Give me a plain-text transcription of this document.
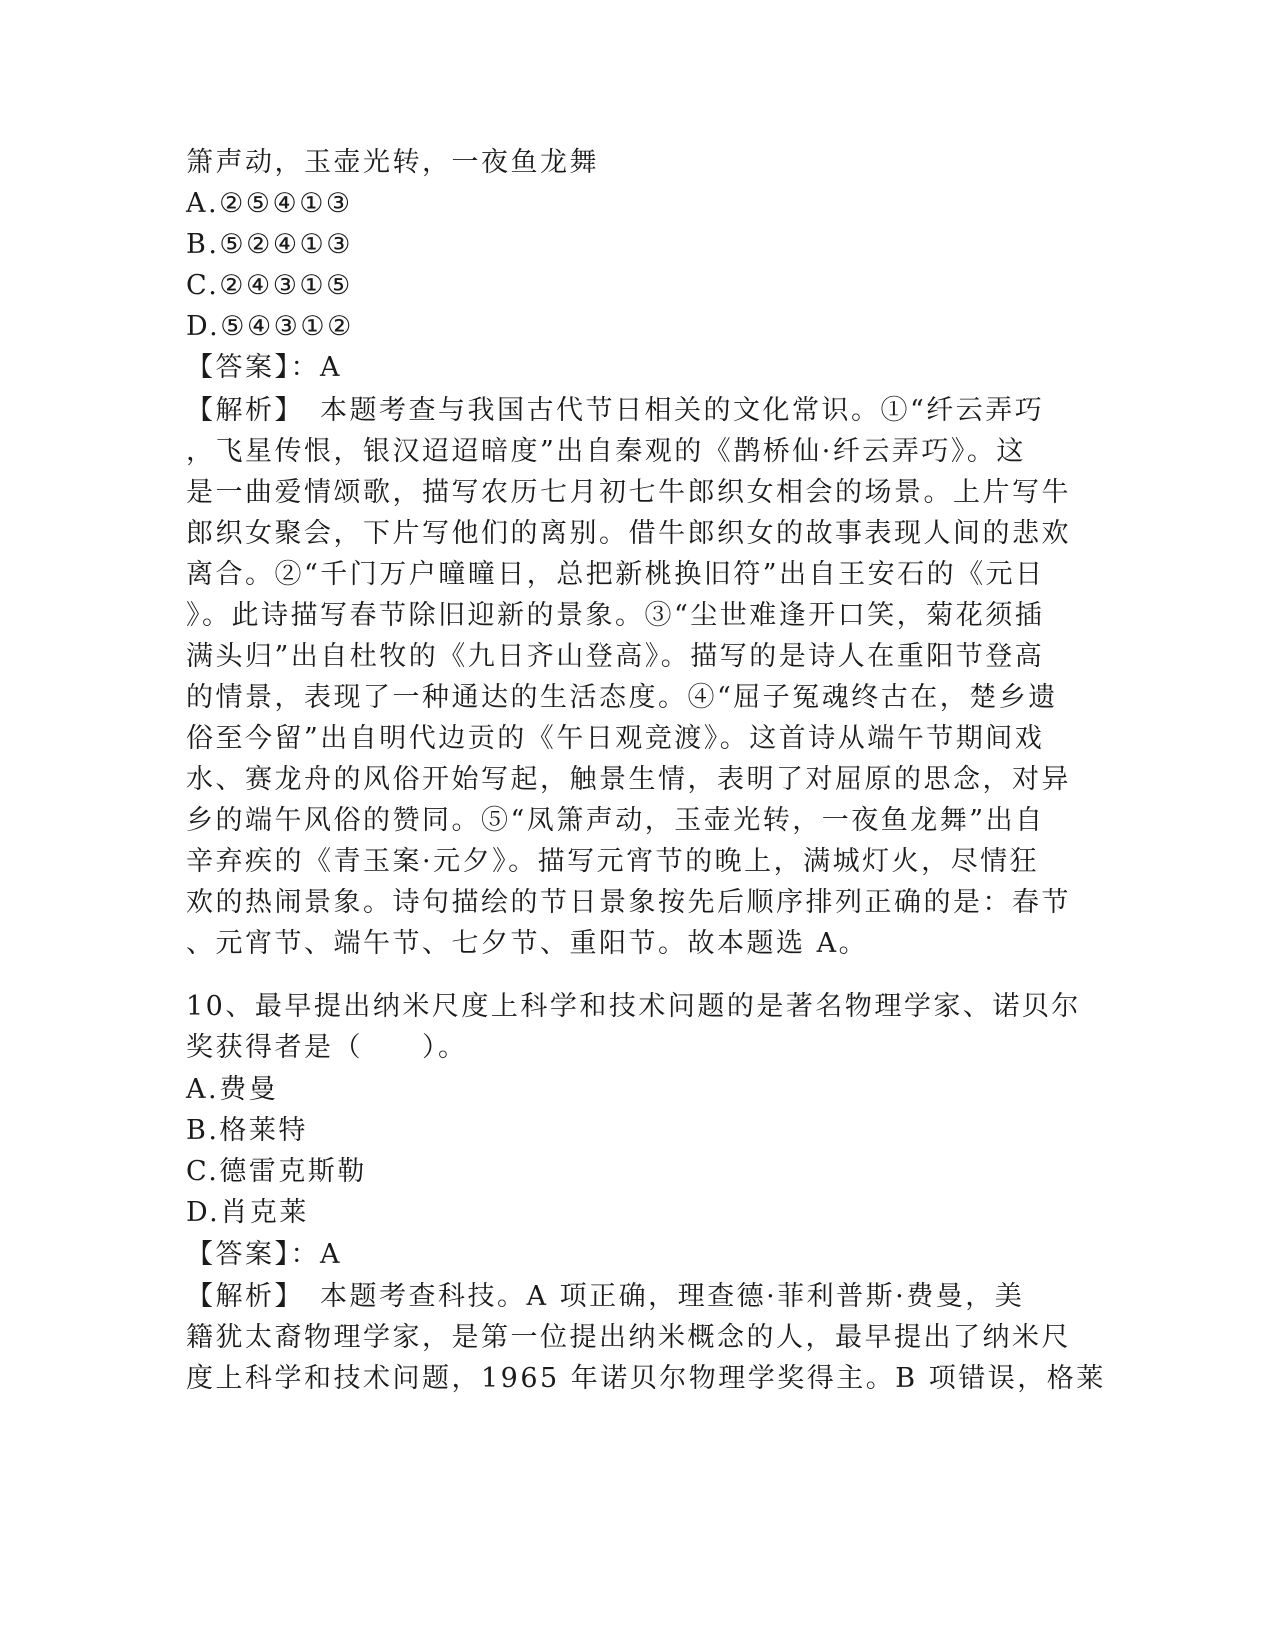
箫声动，玉壶光转，一夜鱼龙舞
A.②⑤④①③
B.⑤②④①③
C.②④③①⑤
D.⑤④③①②
【答案】：A
【解析】　本题考查与我国古代节日相关的文化常识。①“纤云弄巧
，飞星传恨，银汉迢迢暗度”出自秦观的《鹊桥仙·纤云弄巧》。这
是一曲爱情颂歌，描写农历七月初七牛郎织女相会的场景。上片写牛
郎织女聚会，下片写他们的离别。借牛郎织女的故事表现人间的悲欢
离合。②“千门万户曈曈日，总把新桃换旧符”出自王安石的《元日
》。此诗描写春节除旧迎新的景象。③“尘世难逢开口笑，菊花须插
满头归”出自杜牧的《九日齐山登高》。描写的是诗人在重阳节登高
的情景，表现了一种通达的生活态度。④“屈子冤魂终古在，楚乡遗
俗至今留”出自明代边贡的《午日观竞渡》。这首诗从端午节期间戏
水、赛龙舟的风俗开始写起，触景生情，表明了对屈原的思念，对异
乡的端午风俗的赞同。⑤“凤箫声动，玉壶光转，一夜鱼龙舞”出自
辛弃疾的《青玉案·元夕》。描写元宵节的晚上，满城灯火，尽情狂
欢的热闹景象。诗句描绘的节日景象按先后顺序排列正确的是：春节
、元宵节、端午节、七夕节、重阳节。故本题选 A。
10、最早提出纳米尺度上科学和技术问题的是著名物理学家、诺贝尔
奖获得者是（　　）。
A.费曼
B.格莱特
C.德雷克斯勒
D.肖克莱
【答案】：A
【解析】　本题考查科技。A 项正确，理查德·菲利普斯·费曼，美
籍犹太裔物理学家，是第一位提出纳米概念的人，最早提出了纳米尺
度上科学和技术问题，1965 年诺贝尔物理学奖得主。B 项错误，格莱
